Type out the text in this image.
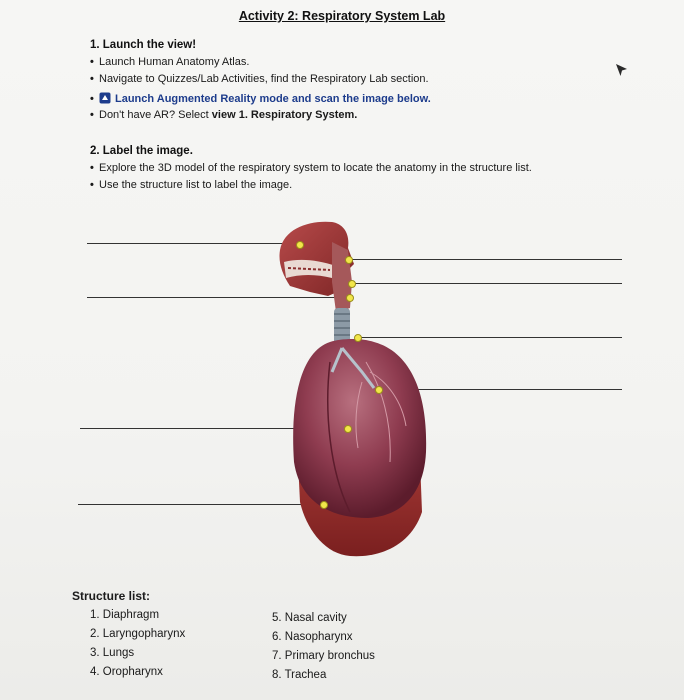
Activity 2: Respiratory System Lab
1. Launch the view!
• Launch Human Anatomy Atlas.
• Navigate to Quizzes/Lab Activities, find the Respiratory Lab section.
• Launch Augmented Reality mode and scan the image below.
• Don't have AR? Select view 1. Respiratory System.
2. Label the image.
• Explore the 3D model of the respiratory system to locate the anatomy in the structure list.
• Use the structure list to label the image.
Structure list:
1. Diaphragm
2. Laryngopharynx
3. Lungs
4. Oropharynx
5. Nasal cavity
6. Nasopharynx
7. Primary bronchus
8. Trachea
